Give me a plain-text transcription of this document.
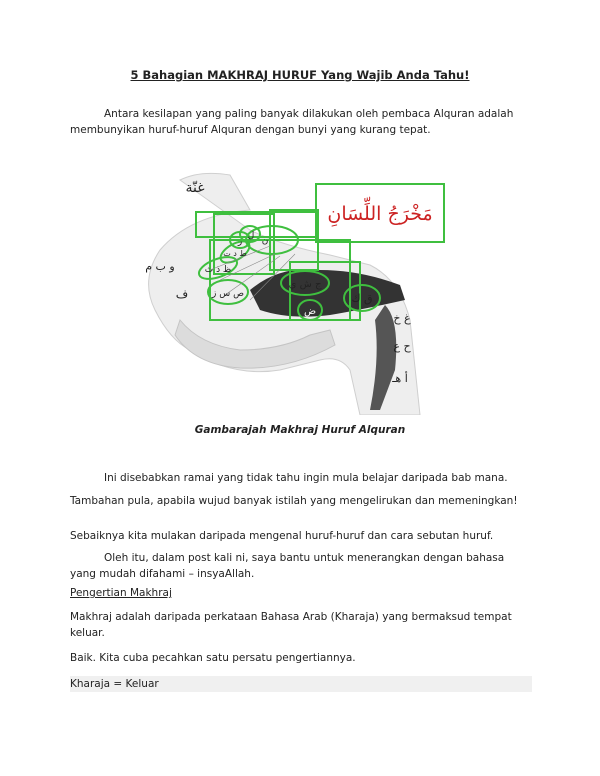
5 Bahagian MAKHRAJ HURUF Yang Wajib Anda Tahu!

Antara kesilapan yang paling banyak dilakukan oleh pembaca Alquran adalah membunyikan huruf-huruf Alquran dengan bunyi yang kurang tepat.

غنّة
مَخْرَجُ اللِّسَانِ
و ب م
ف
ظ ذ ث
ط د ت
ل ن
ر
ص س ز
ج ش ي
ض
ق ك
غ خ
ح ع
أ هـ
Gambarajah Makhraj Huruf Alquran

Ini disebabkan ramai yang tidak tahu ingin mula belajar daripada bab mana.

Tambahan pula, apabila wujud banyak istilah yang mengelirukan dan memeningkan!

Sebaiknya kita mulakan daripada mengenal huruf-huruf dan cara sebutan huruf.

Oleh itu, dalam post kali ni, saya bantu untuk menerangkan dengan bahasa yang mudah difahami – insyaAllah.

Pengertian Makhraj

Makhraj adalah daripada perkataan Bahasa Arab (Kharaja) yang bermaksud tempat keluar.

Baik. Kita cuba pecahkan satu persatu pengertiannya.

Kharaja = Keluar
